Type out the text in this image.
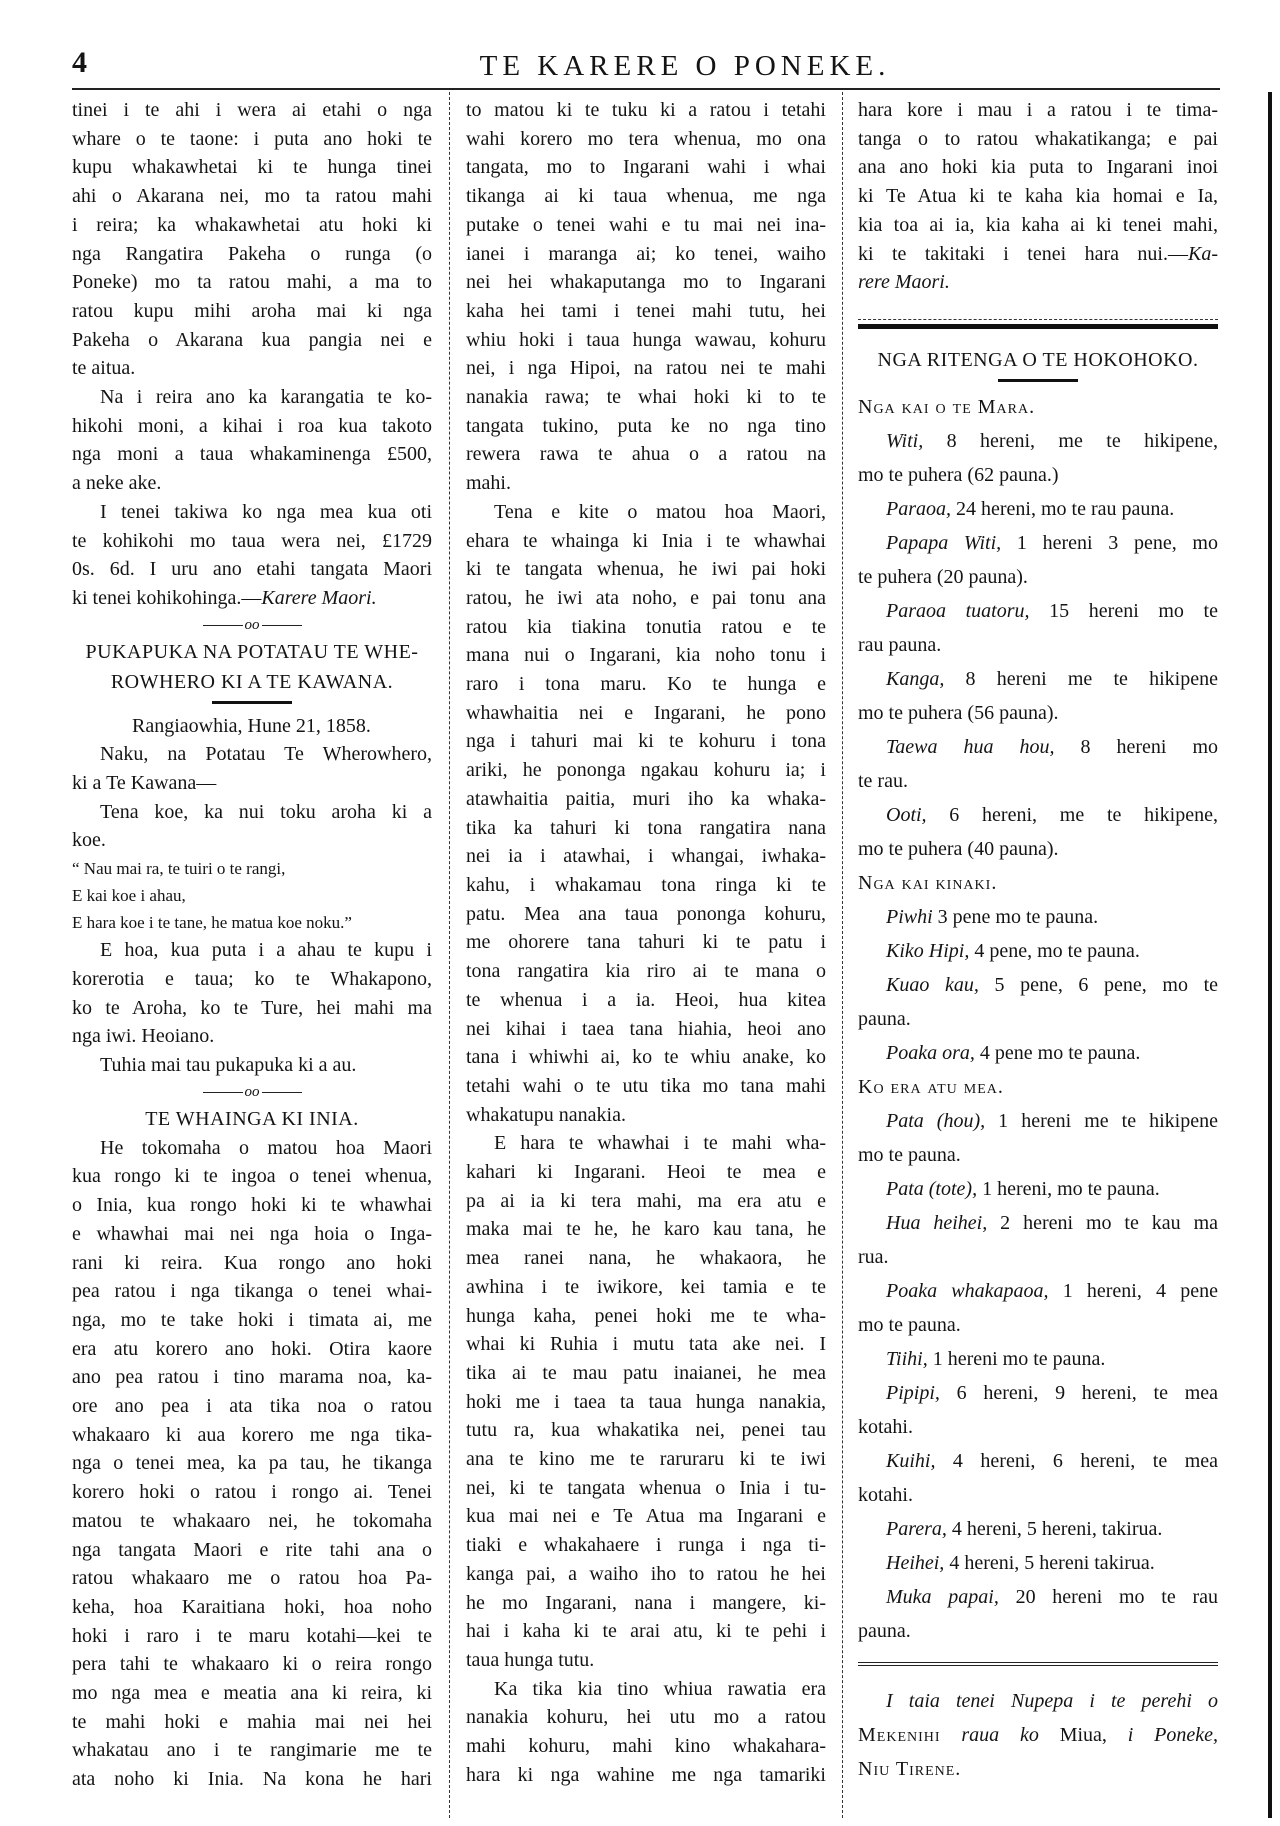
4	TE KARERE O PONEKE.
tinei i te ahi i wera ai etahi o nga
whare o te taone: i puta ano hoki te
kupu whakawhetai ki te hunga tinei
ahi o Akarana nei, mo ta ratou mahi
i reira; ka whakawhetai atu hoki ki
nga Rangatira Pakeha o runga (o
Poneke) mo ta ratou mahi, a ma to
ratou kupu mihi aroha mai ki nga
Pakeha o Akarana kua pangia nei e
te aitua.
Na i reira ano ka karangatia te ko-
hikohi moni, a kihai i roa kua takoto
nga moni a taua whakaminenga £500,
a neke ake.
I tenei takiwa ko nga mea kua oti
te kohikohi mo taua wera nei, £1729
0s. 6d. I uru ano etahi tangata Maori
ki tenei kohikohinga.—Karere Maori.
oo
PUKAPUKA NA POTATAU TE WHE-
ROWHERO KI A TE KAWANA.
Rangiaowhia, Hune 21, 1858.
Naku, na Potatau Te Wherowhero,
ki a Te Kawana—
Tena koe, ka nui toku aroha ki a
koe.
“ Nau mai ra, te tuiri o te rangi,
E kai koe i ahau,
E hara koe i te tane, he matua koe noku.”
E hoa, kua puta i a ahau te kupu i
korerotia e taua; ko te Whakapono,
ko te Aroha, ko te Ture, hei mahi ma
nga iwi. Heoiano.
Tuhia mai tau pukapuka ki a au.
oo
TE WHAINGA KI INIA.
He tokomaha o matou hoa Maori
kua rongo ki te ingoa o tenei whenua,
o Inia, kua rongo hoki ki te whawhai
e whawhai mai nei nga hoia o Inga-
rani ki reira. Kua rongo ano hoki
pea ratou i nga tikanga o tenei whai-
nga, mo te take hoki i timata ai, me
era atu korero ano hoki. Otira kaore
ano pea ratou i tino marama noa, ka-
ore ano pea i ata tika noa o ratou
whakaaro ki aua korero me nga tika-
nga o tenei mea, ka pa tau, he tikanga
korero hoki o ratou i rongo ai. Tenei
matou te whakaaro nei, he tokomaha
nga tangata Maori e rite tahi ana o
ratou whakaaro me o ratou hoa Pa-
keha, hoa Karaitiana hoki, hoa noho
hoki i raro i te maru kotahi—kei te
pera tahi te whakaaro ki o reira rongo
mo nga mea e meatia ana ki reira, ki
te mahi hoki e mahia mai nei hei
whakatau ano i te rangimarie me te
ata noho ki Inia. Na kona he hari
to matou ki te tuku ki a ratou i tetahi
wahi korero mo tera whenua, mo ona
tangata, mo to Ingarani wahi i whai
tikanga ai ki taua whenua, me nga
putake o tenei wahi e tu mai nei ina-
ianei i maranga ai; ko tenei, waiho
nei hei whakaputanga mo to Ingarani
kaha hei tami i tenei mahi tutu, hei
whiu hoki i taua hunga wawau, kohuru
nei, i nga Hipoi, na ratou nei te mahi
nanakia rawa; te whai hoki ki to te
tangata tukino, puta ke no nga tino
rewera rawa te ahua o a ratou na
mahi.
Tena e kite o matou hoa Maori,
ehara te whainga ki Inia i te whawhai
ki te tangata whenua, he iwi pai hoki
ratou, he iwi ata noho, e pai tonu ana
ratou kia tiakina tonutia ratou e te
mana nui o Ingarani, kia noho tonu i
raro i tona maru. Ko te hunga e
whawhaitia nei e Ingarani, he pono
nga i tahuri mai ki te kohuru i tona
ariki, he pononga ngakau kohuru ia; i
atawhaitia paitia, muri iho ka whaka-
tika ka tahuri ki tona rangatira nana
nei ia i atawhai, i whangai, iwhaka-
kahu, i whakamau tona ringa ki te
patu. Mea ana taua pononga kohuru,
me ohorere tana tahuri ki te patu i
tona rangatira kia riro ai te mana o
te whenua i a ia. Heoi, hua kitea
nei kihai i taea tana hiahia, heoi ano
tana i whiwhi ai, ko te whiu anake, ko
tetahi wahi o te utu tika mo tana mahi
whakatupu nanakia.
E hara te whawhai i te mahi wha-
kahari ki Ingarani. Heoi te mea e
pa ai ia ki tera mahi, ma era atu e
maka mai te he, he karo kau tana, he
mea ranei nana, he whakaora, he
awhina i te iwikore, kei tamia e te
hunga kaha, penei hoki me te wha-
whai ki Ruhia i mutu tata ake nei. I
tika ai te mau patu inaianei, he mea
hoki me i taea ta taua hunga nanakia,
tutu ra, kua whakatika nei, penei tau
ana te kino me te raruraru ki te iwi
nei, ki te tangata whenua o Inia i tu-
kua mai nei e Te Atua ma Ingarani e
tiaki e whakahaere i runga i nga ti-
kanga pai, a waiho iho to ratou he hei
he mo Ingarani, nana i mangere, ki-
hai i kaha ki te arai atu, ki te pehi i
taua hunga tutu.
Ka tika kia tino whiua rawatia era
nanakia kohuru, hei utu mo a ratou
mahi kohuru, mahi kino whakahara-
hara ki nga wahine me nga tamariki
hara kore i mau i a ratou i te tima-
tanga o to ratou whakatikanga; e pai
ana ano hoki kia puta to Ingarani inoi
ki Te Atua ki te kaha kia homai e Ia,
kia toa ai ia, kia kaha ai ki tenei mahi,
ki te takitaki i tenei hara nui.—Ka-
rere Maori.
NGA RITENGA O TE HOKOHOKO.
Nga kai o te Mara.
Witi, 8 hereni, me te hikipene,
mo te puhera (62 pauna.)
Paraoa, 24 hereni, mo te rau pauna.
Papapa Witi, 1 hereni 3 pene, mo
te puhera (20 pauna).
Paraoa tuatoru, 15 hereni mo te
rau pauna.
Kanga, 8 hereni me te hikipene
mo te puhera (56 pauna).
Taewa hua hou, 8 hereni mo
te rau.
Ooti, 6 hereni, me te hikipene,
mo te puhera (40 pauna).
Nga kai kinaki.
Piwhi 3 pene mo te pauna.
Kiko Hipi, 4 pene, mo te pauna.
Kuao kau, 5 pene, 6 pene, mo te
pauna.
Poaka ora, 4 pene mo te pauna.
Ko era atu mea.
Pata (hou), 1 hereni me te hikipene
mo te pauna.
Pata (tote), 1 hereni, mo te pauna.
Hua heihei, 2 hereni mo te kau ma
rua.
Poaka whakapaoa, 1 hereni, 4 pene
mo te pauna.
Tiihi, 1 hereni mo te pauna.
Pipipi, 6 hereni, 9 hereni, te mea
kotahi.
Kuihi, 4 hereni, 6 hereni, te mea
kotahi.
Parera, 4 hereni, 5 hereni, takirua.
Heihei, 4 hereni, 5 hereni takirua.
Muka papai, 20 hereni mo te rau
pauna.
I taia tenei Nupepa i te perehi o
Mekenihi raua ko Miua, i Poneke,
Niu Tirene.
